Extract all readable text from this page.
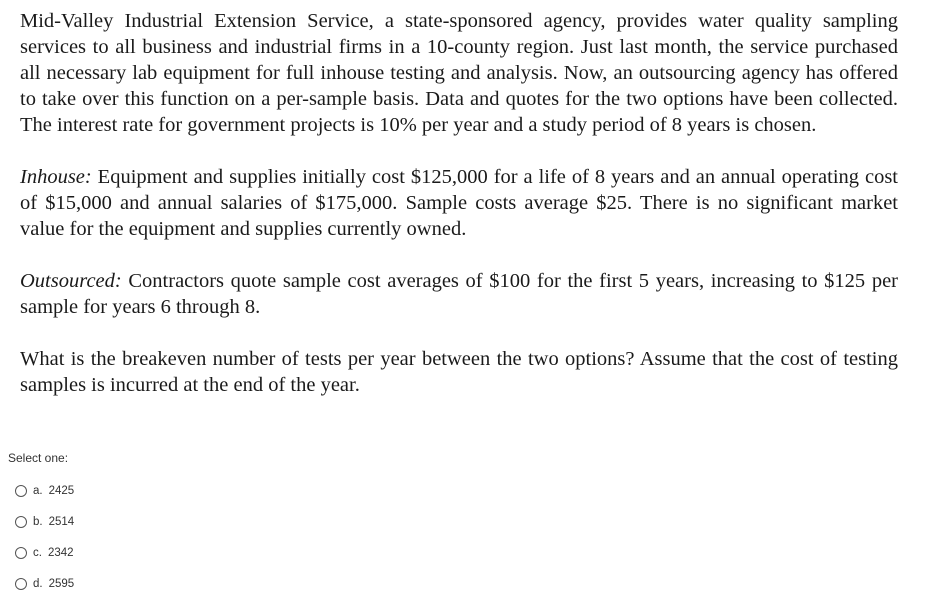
Mid-Valley Industrial Extension Service, a state-sponsored agency, provides water quality sampling services to all business and industrial firms in a 10-county region. Just last month, the service purchased all necessary lab equipment for full inhouse testing and analysis. Now, an outsourcing agency has offered to take over this function on a per-sample basis. Data and quotes for the two options have been collected. The interest rate for government projects is 10% per year and a study period of 8 years is chosen.

Inhouse: Equipment and supplies initially cost $125,000 for a life of 8 years and an annual operating cost of $15,000 and annual salaries of $175,000. Sample costs average $25. There is no significant market value for the equipment and supplies currently owned.

Outsourced: Contractors quote sample cost averages of $100 for the first 5 years, increasing to $125 per sample for years 6 through 8.

What is the breakeven number of tests per year between the two options? Assume that the cost of testing samples is incurred at the end of the year.

Select one:
a. 2425
b. 2514
c. 2342
d. 2595
